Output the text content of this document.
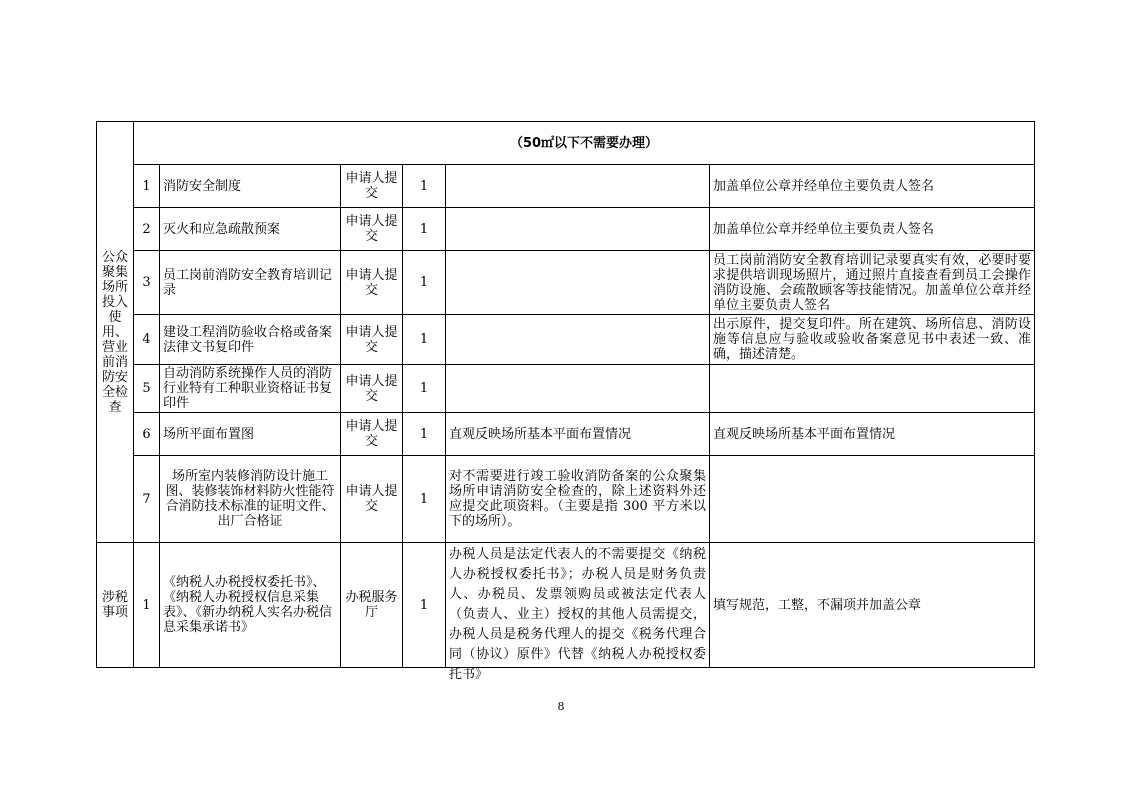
公众聚集场所投入使用、营业前消防安全检查	（50㎡以下不需要办理）					
	1	消防安全制度	申请人提交	1		加盖单位公章并经单位主要负责人签名
	2	灭火和应急疏散预案	申请人提交	1		加盖单位公章并经单位主要负责人签名
	3	员工岗前消防安全教育培训记录	申请人提交	1		员工岗前消防安全教育培训记录要真实有效，必要时要求提供培训现场照片，通过照片直接查看到员工会操作消防设施、会疏散顾客等技能情况。加盖单位公章并经单位主要负责人签名
	4	建设工程消防验收合格或备案法律文书复印件	申请人提交	1		出示原件，提交复印件。所在建筑、场所信息、消防设施等信息应与验收或验收备案意见书中表述一致、准确，描述清楚。
	5	自动消防系统操作人员的消防行业特有工种职业资格证书复印件	申请人提交	1		
	6	场所平面布置图	申请人提交	1	直观反映场所基本平面布置情况	直观反映场所基本平面布置情况
	7	场所室内装修消防设计施工图、装修装饰材料防火性能符合消防技术标准的证明文件、出厂合格证	申请人提交	1	对不需要进行竣工验收消防备案的公众聚集场所申请消防安全检查的，除上述资料外还应提交此项资料。（主要是指 300 平方米以下的场所）。	
涉税事项	1	《纳税人办税授权委托书》、《纳税人办税授权信息采集表》、《新办纳税人实名办税信息采集承诺书》	办税服务厅	1	办税人员是法定代表人的不需要提交《纳税人办税授权委托书》；办税人员是财务负责人、办税员、发票领购员或被法定代表人（负责人、业主）授权的其他人员需提交，办税人员是税务代理人的提交《税务代理合同（协议）原件》代替《纳税人办税授权委托书》	填写规范，工整，不漏项并加盖公章
8
